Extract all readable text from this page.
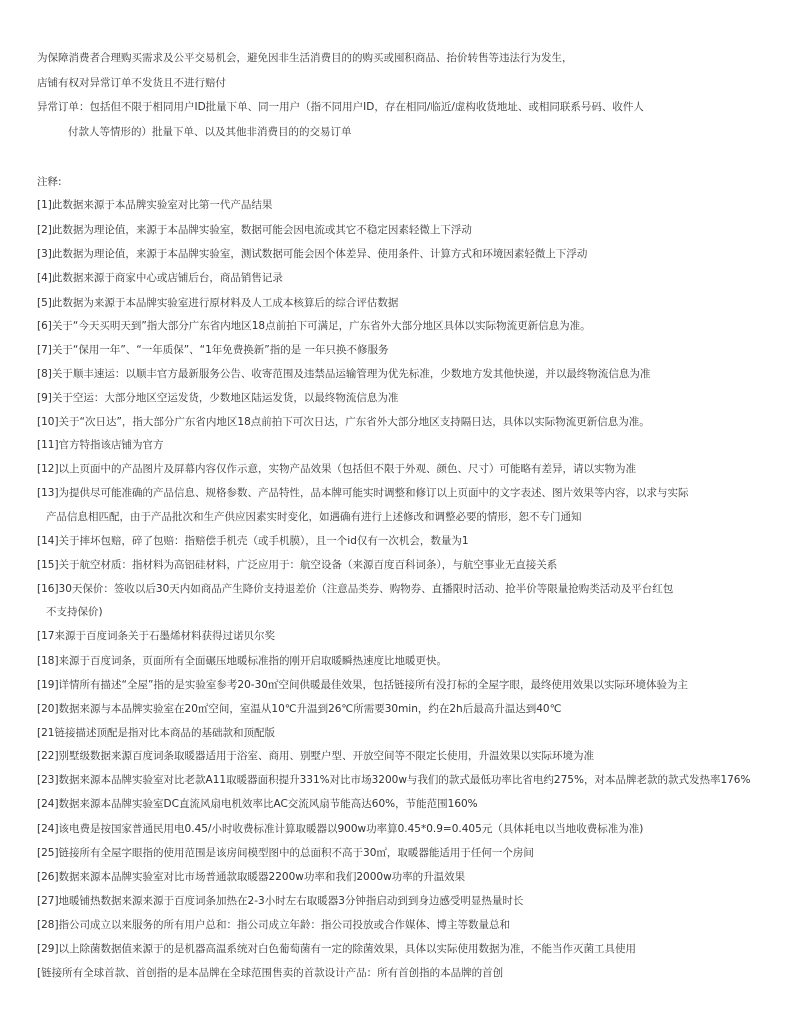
为保障消费者合理购买需求及公平交易机会，避免因非生活消费目的的购买或囤积商品、抬价转售等违法行为发生，
店铺有权对异常订单不发货且不进行赔付
异常订单：包括但不限于相同用户ID批量下单、同一用户（指不同用户ID，存在相同/临近/虚构收货地址、或相同联系号码、收件人
付款人等情形的）批量下单、以及其他非消费目的的交易订单
注释:
[1]此数据来源于本品牌实验室对比第一代产品结果
[2]此数据为理论值，来源于本品牌实验室，数据可能会因电流或其它不稳定因素轻微上下浮动
[3]此数据为理论值，来源于本品牌实验室，测试数据可能会因个体差异、使用条件、计算方式和环境因素轻微上下浮动
[4]此数据来源于商家中心或店铺后台，商品销售记录
[5]此数据为来源于本品牌实验室进行原材料及人工成本核算后的综合评估数据
[6]关于“今天买明天到”指大部分广东省内地区18点前拍下可满足，广东省外大部分地区具体以实际物流更新信息为准。
[7]关于“保用一年”、“一年质保”、“1年免费换新”指的是 一年只换不修服务
[8]关于顺丰速运：以顺丰官方最新服务公告、收寄范围及违禁品运输管理为优先标准，少数地方发其他快递，并以最终物流信息为准
[9]关于空运：大部分地区空运发货，少数地区陆运发货，以最终物流信息为准
[10]关于“次日达”，指大部分广东省内地区18点前拍下可次日达，广东省外大部分地区支持隔日达，具体以实际物流更新信息为准。
[11]官方特指该店铺为官方
[12]以上页面中的产品图片及屏幕内容仅作示意，实物产品效果（包括但不限于外观、颜色、尺寸）可能略有差异，请以实物为准
[13]为提供尽可能准确的产品信息、规格参数、产品特性，品本牌可能实时调整和修订以上页面中的文字表述、图片效果等内容，以求与实际
产品信息相匹配，由于产品批次和生产供应因素实时变化，如遇确有进行上述修改和调整必要的情形，恕不专门通知
[14]关于摔坏包赔，碎了包赔：指赔偿手机壳（或手机膜），且一个id仅有一次机会，数量为1
[15]关于航空材质：指材料为高铝硅材料，广泛应用于：航空设备（来源百度百科词条），与航空事业无直接关系
[16]30天保价：签收以后30天内如商品产生降价支持退差价（注意品类券、购物券、直播限时活动、抢半价等限量抢购类活动及平台红包
不支持保价)
[17来源于百度词条关于石墨烯材料获得过诺贝尔奖
[18]来源于百度词条，页面所有全面碾压地暖标准指的刚开启取暖瞬热速度比地暖更快。
[19]详情所有描述“全屋”指的是实验室参考20-30㎡空间供暖最佳效果，包括链接所有没打标的全屋字眼，最终使用效果以实际环境体验为主
[20]数据来源与本品牌实验室在20㎡空间，室温从10℃升温到26℃所需要30min，约在2h后最高升温达到40℃
[21链接描述顶配是指对比本商品的基础款和顶配版
[22]别墅级数据来源百度词条取暖器适用于浴室、商用、别墅户型、开放空间等不限定长使用，升温效果以实际环境为准
[23]数据来源本品牌实验室对比老款A11取暖器面积提升331%对比市场3200w与我们的款式最低功率比省电约275%，对本品牌老款的款式发热率176%
[24]数据来源本品牌实验室DC直流风扇电机效率比AC交流风扇节能高达60%，节能范围160%
[24]该电费是按国家普通民用电0.45/小时收费标准计算取暖器以900w功率算0.45*0.9=0.405元（具体耗电以当地收费标准为准)
[25]链接所有全屋字眼指的使用范围是该房间模型图中的总面积不高于30㎡，取暖器能适用于任何一个房间
[26]数据来源本品牌实验室对比市场普通款取暖器2200w功率和我们2000w功率的升温效果
[27]地暖铺热数据来源来源于百度词条加热在2-3小时左右取暖器3分钟指启动到到身边感受明显热量时长
[28]指公司成立以来服务的所有用户总和：指公司成立年龄：指公司投放或合作媒体、博主等数量总和
[29]以上除菌数据值来源于的是机器高温系统对白色葡萄菌有一定的除菌效果，具体以实际使用数据为准，不能当作灭菌工具使用
[链接所有全球首款、首创指的是本品牌在全球范围售卖的首款设计产品：所有首创指的本品牌的首创
